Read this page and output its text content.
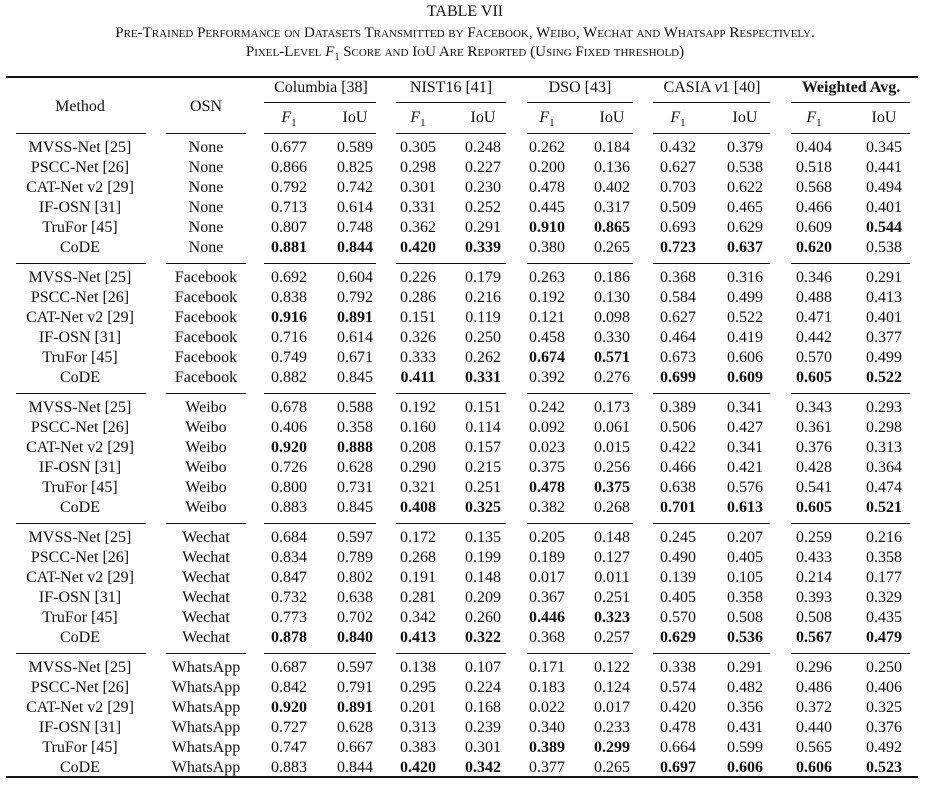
TABLE VII
Pre-Trained Performance on Datasets Transmitted by Facebook, Weibo, Wechat and Whatsapp Respectively.
Pixel-Level $F_1$ Score and IoU Are Reported (Using Fixed threshold)
Method	OSN
Columbia [38]	NIST16 [41]	DSO [43]	CASIA v1 [40]	Weighted Avg.
$F_1$	IoU	$F_1$	IoU	$F_1$	IoU	$F_1$	IoU	$F_1$	IoU
MVSS-Net [25]	None	0.677	0.589	0.305	0.248	0.262	0.184	0.432	0.379	0.404	0.345
PSCC-Net [26]	None	0.866	0.825	0.298	0.227	0.200	0.136	0.627	0.538	0.518	0.441
CAT-Net v2 [29]	None	0.792	0.742	0.301	0.230	0.478	0.402	0.703	0.622	0.568	0.494
IF-OSN [31]	None	0.713	0.614	0.331	0.252	0.445	0.317	0.509	0.465	0.466	0.401
TruFor [45]	None	0.807	0.748	0.362	0.291	0.910	0.865	0.693	0.629	0.609	0.544
CoDE	None	0.881	0.844	0.420	0.339	0.380	0.265	0.723	0.637	0.620	0.538
MVSS-Net [25]	Facebook	0.692	0.604	0.226	0.179	0.263	0.186	0.368	0.316	0.346	0.291
PSCC-Net [26]	Facebook	0.838	0.792	0.286	0.216	0.192	0.130	0.584	0.499	0.488	0.413
CAT-Net v2 [29]	Facebook	0.916	0.891	0.151	0.119	0.121	0.098	0.627	0.522	0.471	0.401
IF-OSN [31]	Facebook	0.716	0.614	0.326	0.250	0.458	0.330	0.464	0.419	0.442	0.377
TruFor [45]	Facebook	0.749	0.671	0.333	0.262	0.674	0.571	0.673	0.606	0.570	0.499
CoDE	Facebook	0.882	0.845	0.411	0.331	0.392	0.276	0.699	0.609	0.605	0.522
MVSS-Net [25]	Weibo	0.678	0.588	0.192	0.151	0.242	0.173	0.389	0.341	0.343	0.293
PSCC-Net [26]	Weibo	0.406	0.358	0.160	0.114	0.092	0.061	0.506	0.427	0.361	0.298
CAT-Net v2 [29]	Weibo	0.920	0.888	0.208	0.157	0.023	0.015	0.422	0.341	0.376	0.313
IF-OSN [31]	Weibo	0.726	0.628	0.290	0.215	0.375	0.256	0.466	0.421	0.428	0.364
TruFor [45]	Weibo	0.800	0.731	0.321	0.251	0.478	0.375	0.638	0.576	0.541	0.474
CoDE	Weibo	0.883	0.845	0.408	0.325	0.382	0.268	0.701	0.613	0.605	0.521
MVSS-Net [25]	Wechat	0.684	0.597	0.172	0.135	0.205	0.148	0.245	0.207	0.259	0.216
PSCC-Net [26]	Wechat	0.834	0.789	0.268	0.199	0.189	0.127	0.490	0.405	0.433	0.358
CAT-Net v2 [29]	Wechat	0.847	0.802	0.191	0.148	0.017	0.011	0.139	0.105	0.214	0.177
IF-OSN [31]	Wechat	0.732	0.638	0.281	0.209	0.367	0.251	0.405	0.358	0.393	0.329
TruFor [45]	Wechat	0.773	0.702	0.342	0.260	0.446	0.323	0.570	0.508	0.508	0.435
CoDE	Wechat	0.878	0.840	0.413	0.322	0.368	0.257	0.629	0.536	0.567	0.479
MVSS-Net [25]	WhatsApp	0.687	0.597	0.138	0.107	0.171	0.122	0.338	0.291	0.296	0.250
PSCC-Net [26]	WhatsApp	0.842	0.791	0.295	0.224	0.183	0.124	0.574	0.482	0.486	0.406
CAT-Net v2 [29]	WhatsApp	0.920	0.891	0.201	0.168	0.022	0.017	0.420	0.356	0.372	0.325
IF-OSN [31]	WhatsApp	0.727	0.628	0.313	0.239	0.340	0.233	0.478	0.431	0.440	0.376
TruFor [45]	WhatsApp	0.747	0.667	0.383	0.301	0.389	0.299	0.664	0.599	0.565	0.492
CoDE	WhatsApp	0.883	0.844	0.420	0.342	0.377	0.265	0.697	0.606	0.606	0.523
